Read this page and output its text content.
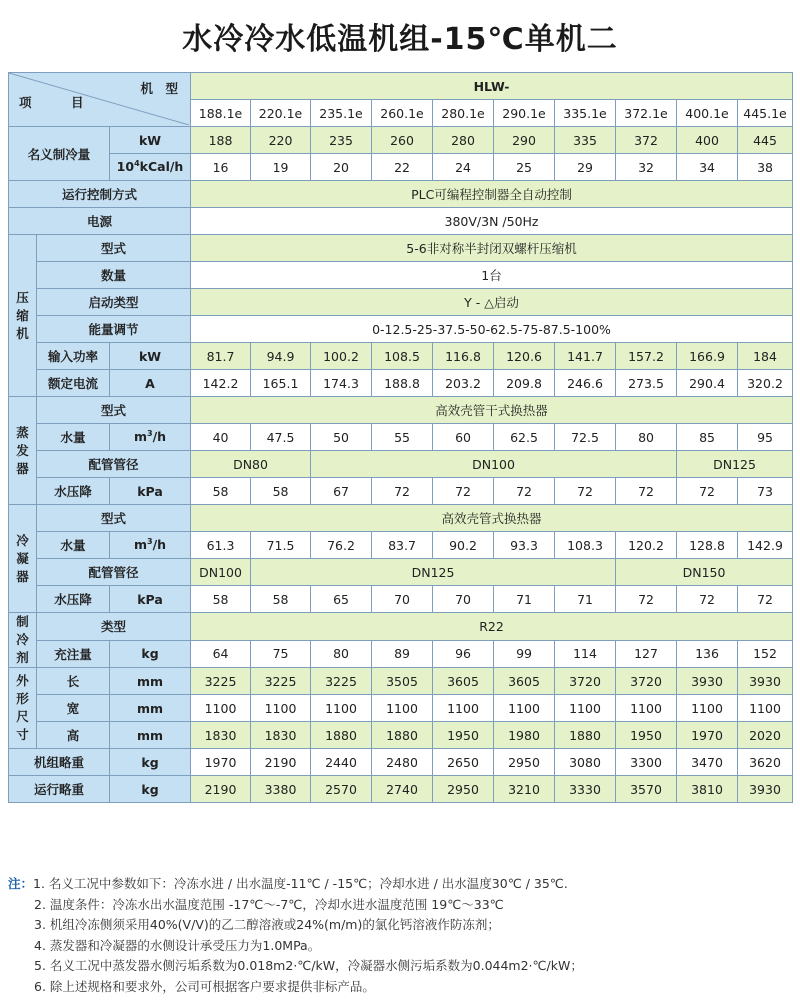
水冷冷水低温机组-15℃单机二
项 目
机　型			HLW-									
			188.1e	220.1e	235.1e	260.1e	280.1e	290.1e	335.1e	372.1e	400.1e	445.1e
名义制冷量		kW	188	220	235	260	280	290	335	372	400	445
		$10^4kCal/h$	16	19	20	22	24	25	29	32	34	38
运行控制方式			PLC可编程控制器全自动控制									
电源			380V/3N /50Hz									
压缩机	型式		5-6非对称半封闭双螺杆压缩机									
	数量		1台									
	启动类型		Y - △启动									
	能量调节		0-12.5-25-37.5-50-62.5-75-87.5-100%									
	输入功率	kW	81.7	94.9	100.2	108.5	116.8	120.6	141.7	157.2	166.9	184
	额定电流	A	142.2	165.1	174.3	188.8	203.2	209.8	246.6	273.5	290.4	320.2
蒸发器	型式		高效壳管干式换热器									
	水量	$m^3/h$	40	47.5	50	55	60	62.5	72.5	80	85	95
	配管管径		DN80		DN100						DN125	
	水压降	kPa	58	58	67	72	72	72	72	72	72	73
冷凝器	型式		高效壳管式换热器									
	水量	$m^3/h$	61.3	71.5	76.2	83.7	90.2	93.3	108.3	120.2	128.8	142.9
	配管管径		DN100	DN125						DN150		
	水压降	kPa	58	58	65	70	70	71	71	72	72	72
制冷剂	类型		R22									
	充注量	kg	64	75	80	89	96	99	114	127	136	152
外形尺寸	长	mm	3225	3225	3225	3505	3605	3605	3720	3720	3930	3930
	宽	mm	1100	1100	1100	1100	1100	1100	1100	1100	1100	1100
	高	mm	1830	1830	1880	1880	1950	1980	1880	1950	1970	2020
机组略重		kg	1970	2190	2440	2480	2650	2950	3080	3300	3470	3620
运行略重		kg	2190	3380	2570	2740	2950	3210	3330	3570	3810	3930
注：1. 名义工况中参数如下：冷冻水进 / 出水温度-11℃ / -15℃；冷却水进 / 出水温度30℃ / 35℃.
2. 温度条件：冷冻水出水温度范围 -17℃～-7℃，冷却水进水温度范围 19℃～33℃
3. 机组冷冻侧须采用40%(V/V)的乙二醇溶液或24%(m/m)的氯化钙溶液作防冻剂；
4. 蒸发器和冷凝器的水侧设计承受压力为1.0MPa。
5. 名义工况中蒸发器水侧污垢系数为0.018m2·℃/kW，冷凝器水侧污垢系数为0.044m2·℃/kW；
6. 除上述规格和要求外，公司可根据客户要求提供非标产品。
